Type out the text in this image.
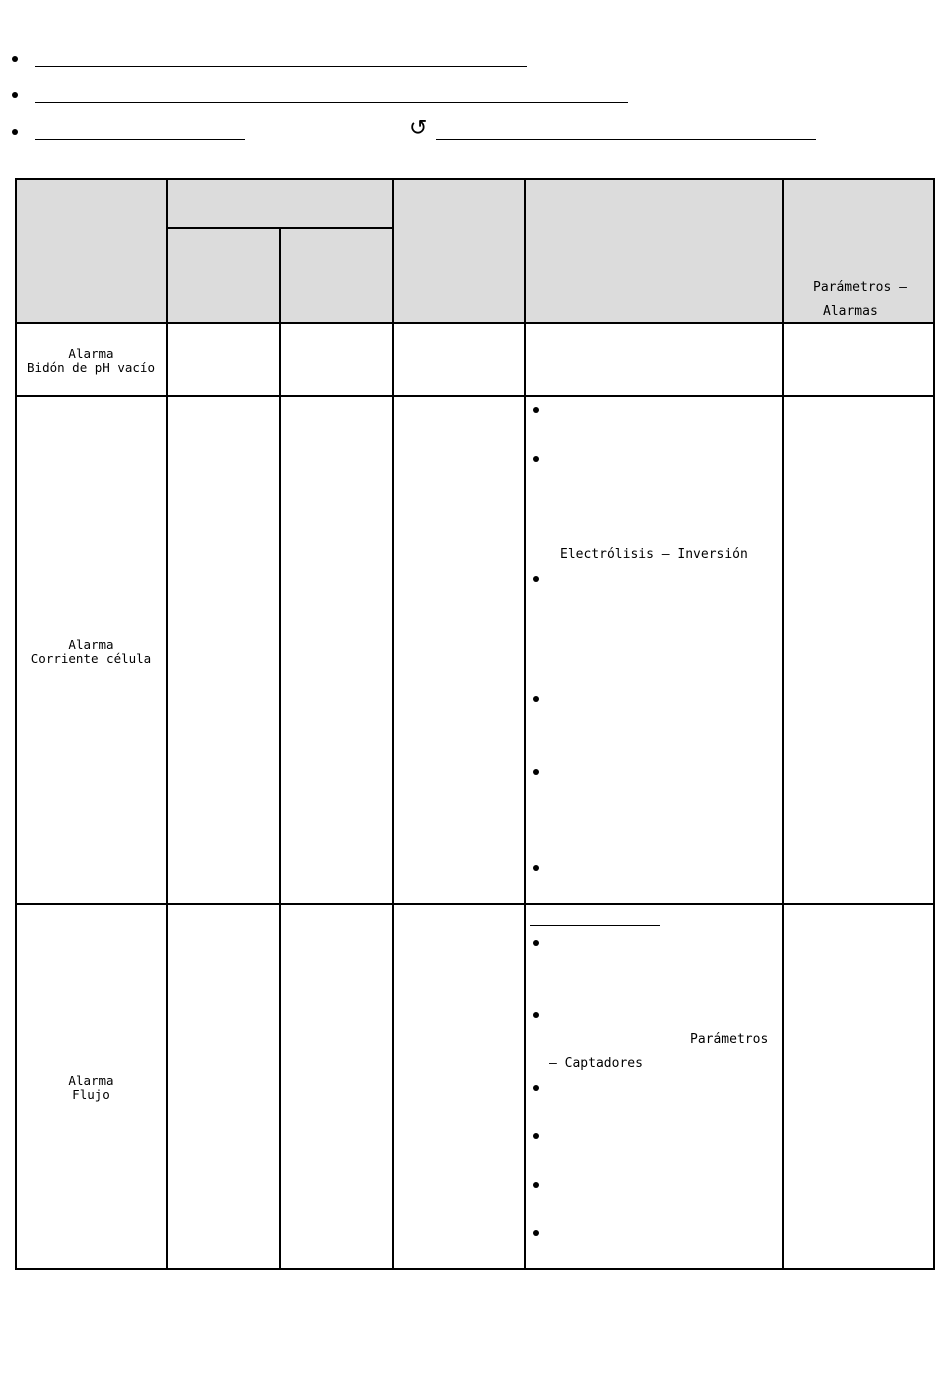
↺
Parámetros –
Alarmas
Alarma
Bidón de pH vacío
Alarma
Corriente célula
Electrólisis – Inversión
Alarma
Flujo
Parámetros
– Captadores
